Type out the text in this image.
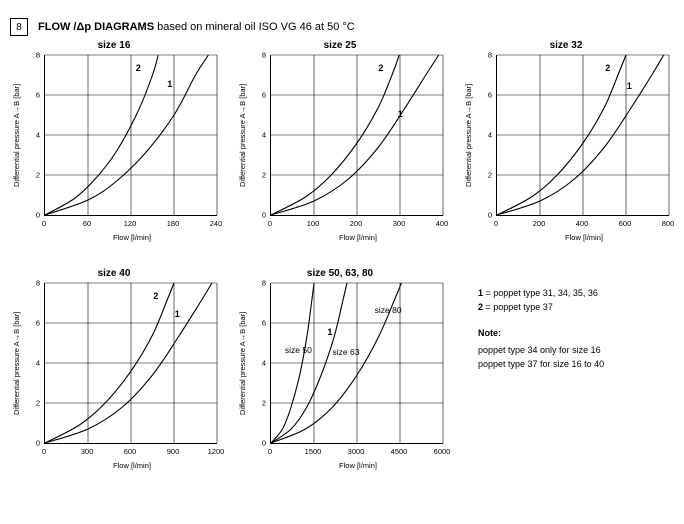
8	FLOW /Δp DIAGRAMS based on mineral oil ISO VG 46 at 50 °C
size 16
Differential pressure A→B [bar]
0
2
4
6
8
0	60	120	180	240
Flow [l/min]
2
1
size 25
Differential pressure A→B [bar]
0
2
4
6
8
0	100	200	300	400
Flow [l/min]
2
1
size 32
Differential pressure A→B [bar]
0
2
4
6
8
0	200	400	600	800
Flow [l/min]
2
1
size 40
Differential pressure A→B [bar]
0
2
4
6
8
0	300	600	900	1200
Flow [l/min]
2
1
size 50, 63, 80
Differential pressure A→B [bar]
0
2
4
6
8
0	1500	3000	4500	6000
Flow [l/min]
size 50 size 63
size 80
1
1 = poppet type 31, 34, 35, 36
2 = poppet type 37
Note:
poppet type 34 only for size 16
poppet type 37 for size 16 to 40
